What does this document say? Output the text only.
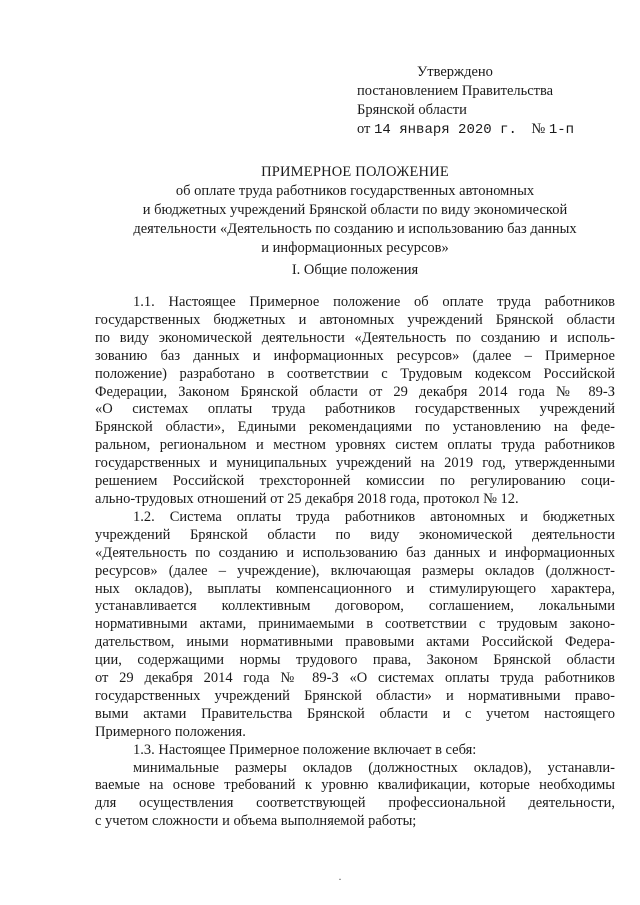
Утверждено
постановлением Правительства
Брянской области
от 14 января 2020 г. № 1-п
ПРИМЕРНОЕ ПОЛОЖЕНИЕ
об оплате труда работников государственных автономных
и бюджетных учреждений Брянской области по виду экономической
деятельности «Деятельность по созданию и использованию баз данных
и информационных ресурсов»
I. Общие положения
1.1. Настоящее Примерное положение об оплате труда работников
государственных бюджетных и автономных учреждений Брянской области
по виду экономической деятельности «Деятельность по созданию и исполь-
зованию баз данных и информационных ресурсов» (далее – Примерное
положение) разработано в соответствии с Трудовым кодексом Российской
Федерации, Законом Брянской области от 29 декабря 2014 года № 89-З
«О системах оплаты труда работников государственных учреждений
Брянской области», Едиными рекомендациями по установлению на феде-
ральном, региональном и местном уровнях систем оплаты труда работников
государственных и муниципальных учреждений на 2019 год, утвержденными
решением Российской трехсторонней комиссии по регулированию соци-
ально-трудовых отношений от 25 декабря 2018 года, протокол № 12.
1.2. Система оплаты труда работников автономных и бюджетных
учреждений Брянской области по виду экономической деятельности
«Деятельность по созданию и использованию баз данных и информационных
ресурсов» (далее – учреждение), включающая размеры окладов (должност-
ных окладов), выплаты компенсационного и стимулирующего характера,
устанавливается коллективным договором, соглашением, локальными
нормативными актами, принимаемыми в соответствии с трудовым законо-
дательством, иными нормативными правовыми актами Российской Федера-
ции, содержащими нормы трудового права, Законом Брянской области
от 29 декабря 2014 года № 89-З «О системах оплаты труда работников
государственных учреждений Брянской области» и нормативными право-
выми актами Правительства Брянской области и с учетом настоящего
Примерного положения.
1.3. Настоящее Примерное положение включает в себя:
минимальные размеры окладов (должностных окладов), устанавли-
ваемые на основе требований к уровню квалификации, которые необходимы
для осуществления соответствующей профессиональной деятельности,
с учетом сложности и объема выполняемой работы;
·
